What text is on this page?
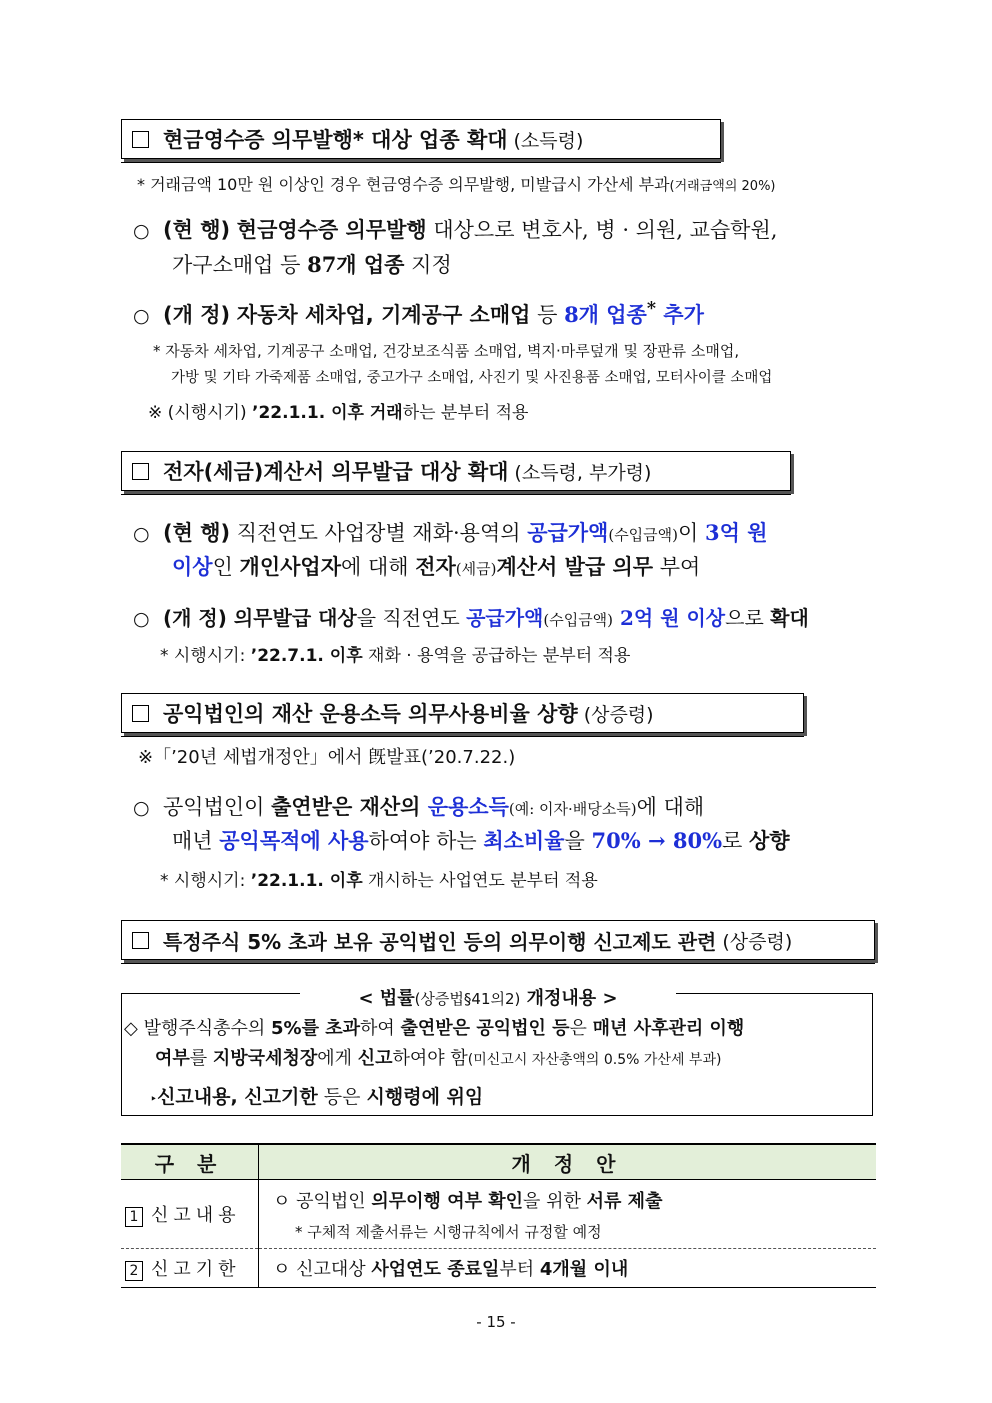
현금영수증 의무발행* 대상 업종 확대 (소득령)
* 거래금액 10만 원 이상인 경우 현금영수증 의무발행, 미발급시 가산세 부과(거래금액의 20%)
○ (현 행) 현금영수증 의무발행 대상으로 변호사, 병 · 의원, 교습학원,
가구소매업 등 87개 업종 지정
○ (개 정) 자동차 세차업, 기계공구 소매업 등 8개 업종* 추가
* 자동차 세차업, 기계공구 소매업, 건강보조식품 소매업, 벽지·마루덮개 및 장판류 소매업,
가방 및 기타 가죽제품 소매업, 중고가구 소매업, 사진기 및 사진용품 소매업, 모터사이클 소매업
※ (시행시기) ’22.1.1. 이후 거래하는 분부터 적용
전자(세금)계산서 의무발급 대상 확대 (소득령, 부가령)
○ (현 행) 직전연도 사업장별 재화·용역의 공급가액(수입금액)이 3억 원
이상인 개인사업자에 대해 전자(세금)계산서 발급 의무 부여
○ (개 정) 의무발급 대상을 직전연도 공급가액(수입금액) 2억 원 이상으로 확대
* 시행시기: ’22.7.1. 이후 재화 · 용역을 공급하는 분부터 적용
공익법인의 재산 운용소득 의무사용비율 상향 (상증령)
※「’20년 세법개정안」에서 旣발표(’20.7.22.)
○ 공익법인이 출연받은 재산의 운용소득(예: 이자·배당소득)에 대해
매년 공익목적에 사용하여야 하는 최소비율을 70% → 80%로 상향
* 시행시기: ’22.1.1. 이후 개시하는 사업연도 분부터 적용
특정주식 5% 초과 보유 공익법인 등의 의무이행 신고제도 관련 (상증령)
< 법률(상증법§41의2) 개정내용 >
◇ 발행주식총수의 5%를 초과하여 출연받은 공익법인 등은 매년 사후관리 이행
여부를 지방국세청장에게 신고하여야 함(미신고시 자산총액의 0.5% 가산세 부과)
‣신고내용, 신고기한 등은 시행령에 위임
구 분	개 정 안
1 신고내용	ㅇ 공익법인 의무이행 여부 확인을 위한 서류 제출
* 구체적 제출서류는 시행규칙에서 규정할 예정

2 신고기한	ㅇ 신고대상 사업연도 종료일부터 4개월 이내
- 15 -
